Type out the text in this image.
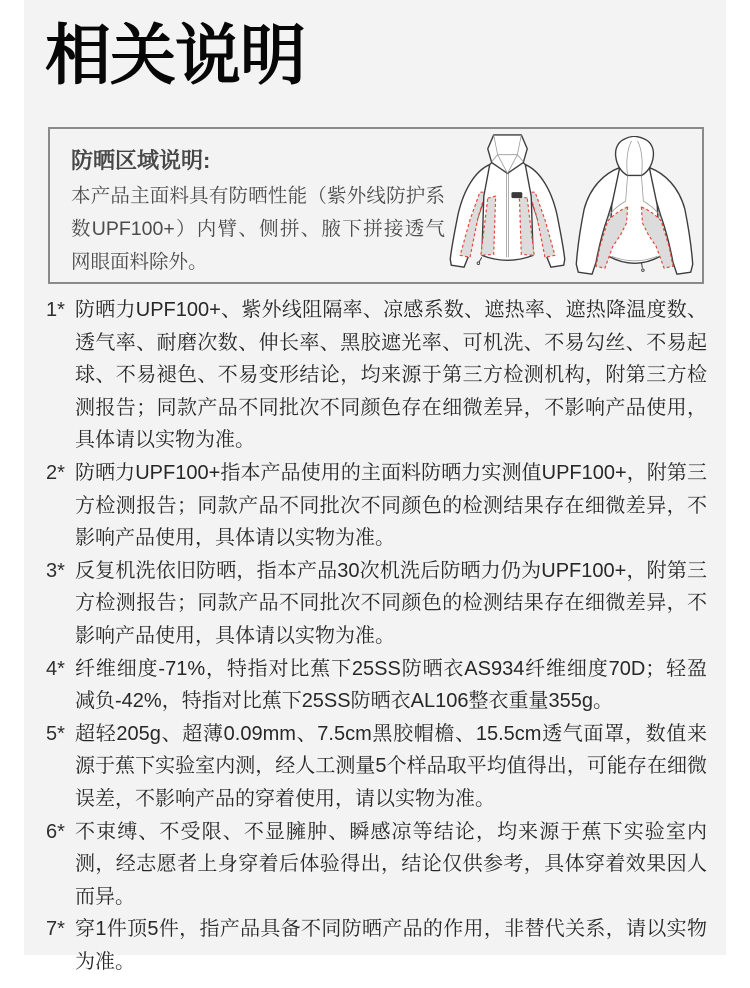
相关说明
防晒区域说明:
本产品主面料具有防晒性能（紫外线防护系数UPF100+）内臂、侧拼、腋下拼接透气网眼面料除外。
1* 防晒力UPF100+、紫外线阻隔率、凉感系数、遮热率、遮热降温度数、透气率、耐磨次数、伸长率、黑胶遮光率、可机洗、不易勾丝、不易起球、不易褪色、不易变形结论，均来源于第三方检测机构，附第三方检测报告；同款产品不同批次不同颜色存在细微差异，不影响产品使用，具体请以实物为准。
2* 防晒力UPF100+指本产品使用的主面料防晒力实测值UPF100+，附第三方检测报告；同款产品不同批次不同颜色的检测结果存在细微差异，不影响产品使用，具体请以实物为准。
3* 反复机洗依旧防晒，指本产品30次机洗后防晒力仍为UPF100+，附第三方检测报告；同款产品不同批次不同颜色的检测结果存在细微差异，不影响产品使用，具体请以实物为准。
4* 纤维细度-71%，特指对比蕉下25SS防晒衣AS934纤维细度70D；轻盈减负-42%，特指对比蕉下25SS防晒衣AL106整衣重量355g。
5* 超轻205g、超薄0.09mm、7.5cm黑胶帽檐、15.5cm透气面罩，数值来源于蕉下实验室内测，经人工测量5个样品取平均值得出，可能存在细微误差，不影响产品的穿着使用，请以实物为准。
6* 不束缚、不受限、不显臃肿、瞬感凉等结论，均来源于蕉下实验室内测，经志愿者上身穿着后体验得出，结论仅供参考，具体穿着效果因人而异。
7* 穿1件顶5件，指产品具备不同防晒产品的作用，非替代关系，请以实物为准。
